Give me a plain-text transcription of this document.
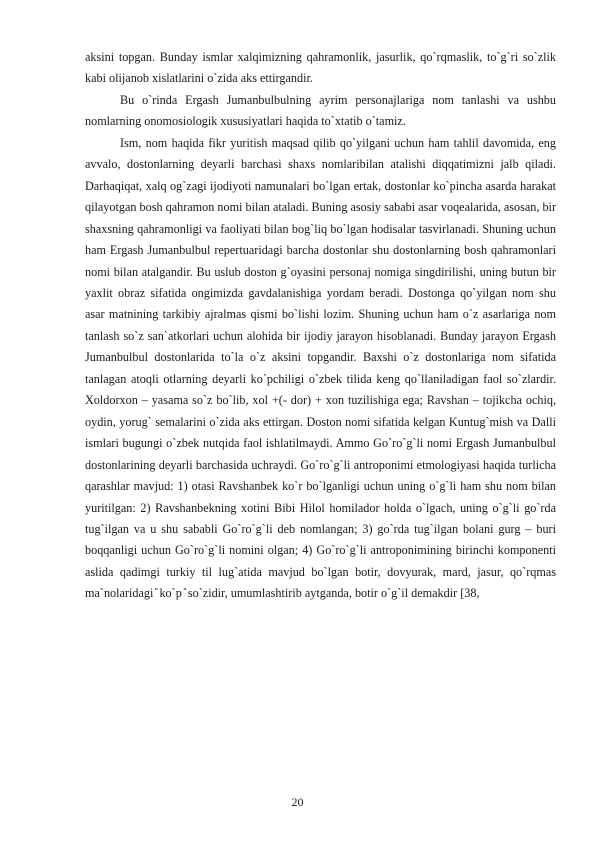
aksini topgan. Bunday ismlar xalqimizning qahramonlik, jasurlik, qo`rqmaslik, to`g`ri so`zlik kabi olijanob xislatlarini o`zida aks ettirgandir.

Bu o`rinda Ergash Jumanbulbulning ayrim personajlariga nom tanlashi va ushbu nomlarning onomosiologik xususiyatlari haqida to`xtatib o`tamiz.

Ism, nom haqida fikr yuritish maqsad qilib qo`yilgani uchun ham tahlil davomida, eng avvalo, dostonlarning deyarli barchasi shaxs nomlaribilan atalishi diqqatimizni jalb qiladi. Darhaqiqat, xalq og`zagi ijodiyoti namunalari bo`lgan ertak, dostonlar ko`pincha asarda harakat qilayotgan bosh qahramon nomi bilan ataladi. Buning asosiy sababi asar voqealarida, asosan, bir shaxsning qahramonligi va faoliyati bilan bog`liq bo`lgan hodisalar tasvirlanadi. Shuning uchun ham Ergash Jumanbulbul repertuaridagi barcha dostonlar shu dostonlarning bosh qahramonlari nomi bilan atalgandir. Bu uslub doston g`oyasini personaj nomiga singdirilishi, uning butun bir yaxlit obraz sifatida ongimizda gavdalanishiga yordam beradi. Dostonga qo`yilgan nom shu asar matnining tarkibiy ajralmas qismi bo`lishi lozim. Shuning uchun ham o`z asarlariga nom tanlash so`z san`atkorlari uchun alohida bir ijodiy jarayon hisoblanadi. Bunday jarayon Ergash Jumanbulbul dostonlarida to`la o`z aksini topgandir. Baxshi o`z dostonlariga nom sifatida tanlagan atoqli otlarning deyarli ko`pchiligi o`zbek tilida keng qo`llaniladigan faol so`zlardir. Xoldorxon – yasama so`z bo`lib, xol +(- dor) + xon tuzilishiga ega; Ravshan – tojikcha ochiq, oydin, yorug` semalarini o`zida aks ettirgan. Doston nomi sifatida kelgan Kuntug`mish va Dalli ismlari bugungi o`zbek nutqida faol ishlatilmaydi. Ammo Go`ro`g`li nomi Ergash Jumanbulbul dostonlarining deyarli barchasida uchraydi. Go`ro`g`li antroponimi etmologiyasi haqida turlicha qarashlar mavjud: 1) otasi Ravshanbek ko`r bo`lganligi uchun uning o`g`li ham shu nom bilan yuritilgan: 2) Ravshanbekning xotini Bibi Hilol homilador holda o`lgach, uning o`g`li go`rda tug`ilgan va u shu sababli Go`ro`g`li deb nomlangan; 3) go`rda tug`ilgan bolani gurg – buri boqqanligi uchun Go`ro`g`li nomini olgan; 4) Go`ro`g`li antroponimining birinchi komponenti aslida qadimgi turkiy til lug`atida mavjud bo`lgan botir, dovyurak, mard, jasur, qo`rqmas ma`nolaridagi ̎ ko`p ̎ so`zidir, umumlashtirib aytganda, botir o`g`il demakdir [38,

20
